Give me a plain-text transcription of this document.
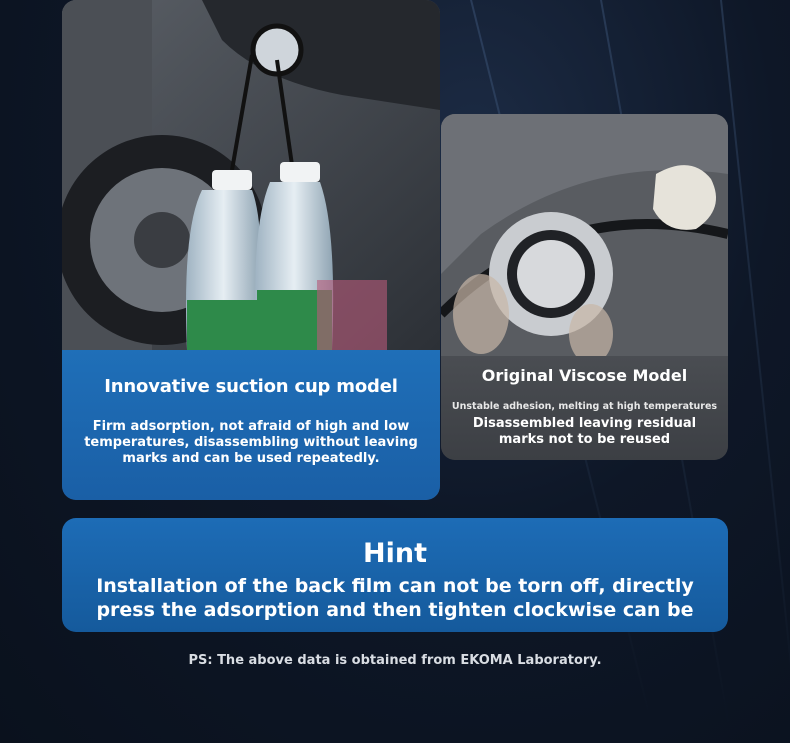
Innovative suction cup model
Firm adsorption, not afraid of high and low temperatures, disassembling without leaving marks and can be used repeatedly.
Original Viscose Model
Unstable adhesion, melting at high temperatures
Disassembled leaving residual marks not to be reused
Hint
Installation of the back film can not be torn off, directly press the adsorption and then tighten clockwise can be
PS: The above data is obtained from EKOMA Laboratory.
